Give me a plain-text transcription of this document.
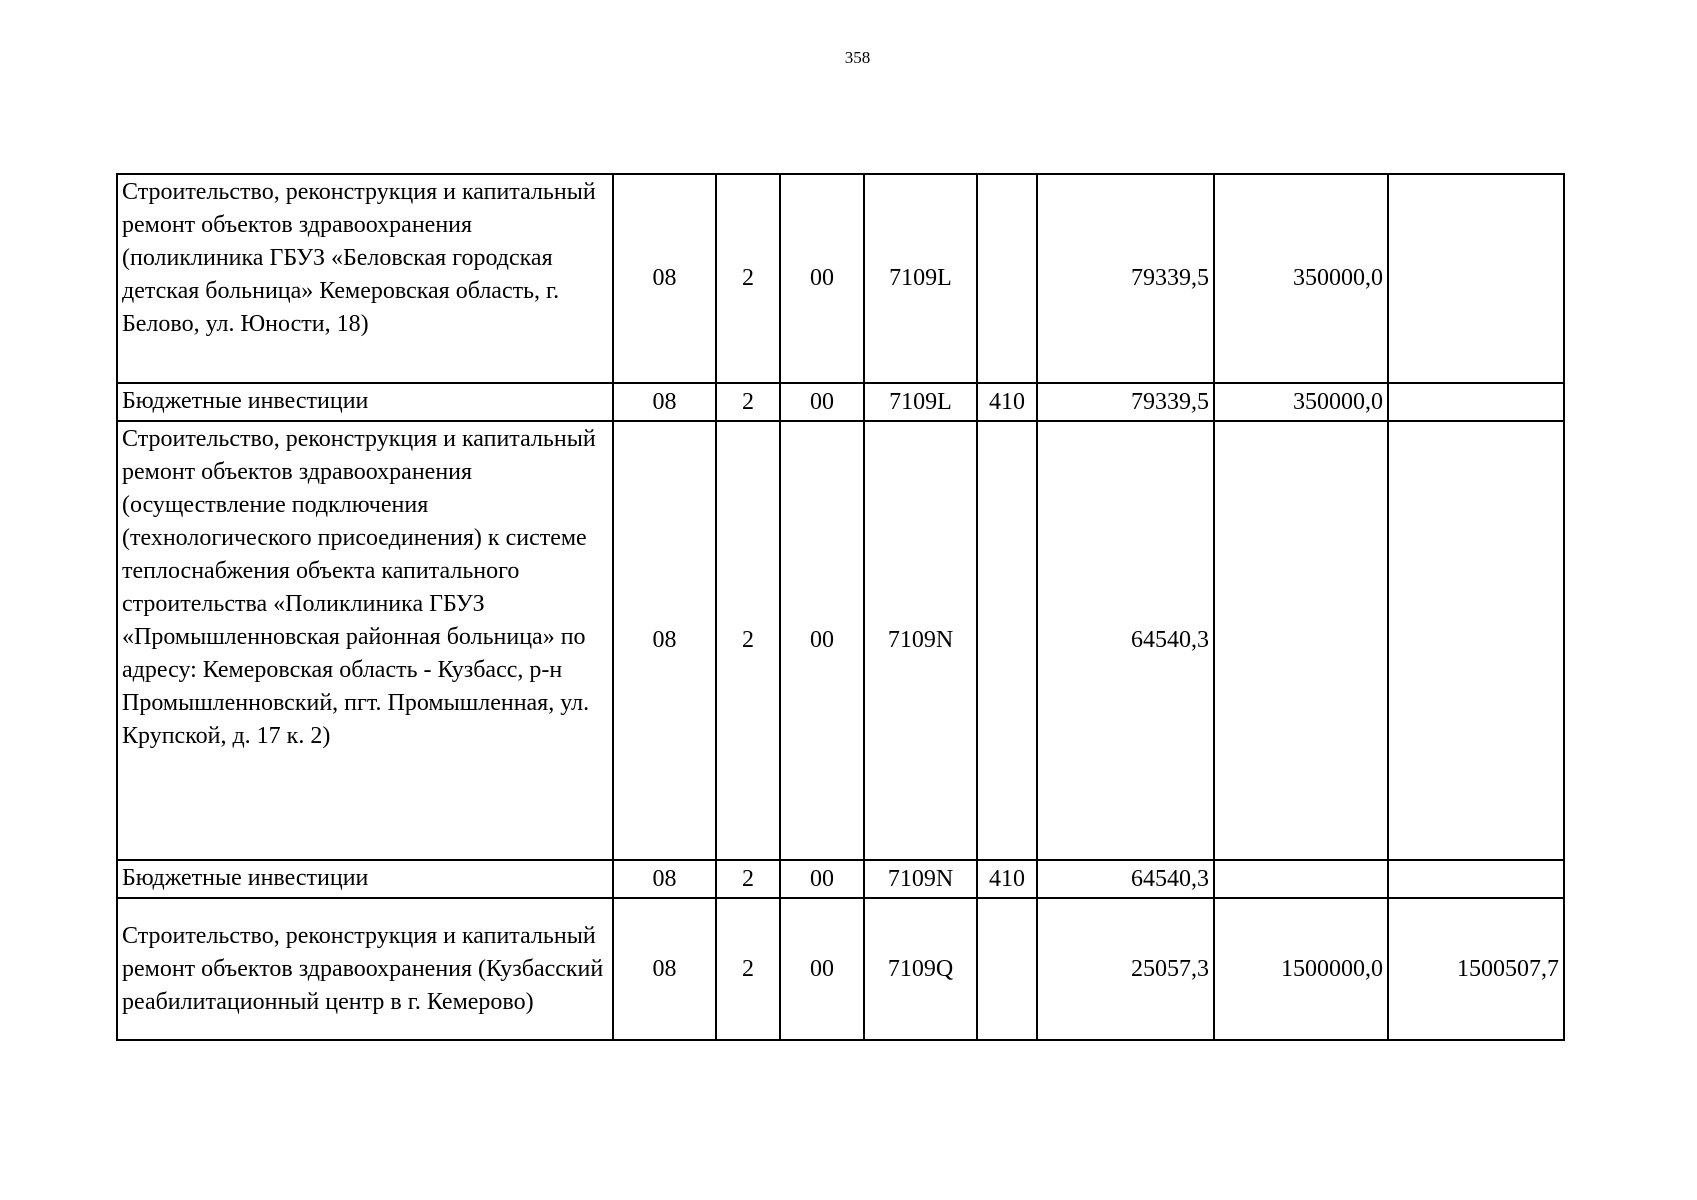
358
Строительство, реконструкция и капитальный ремонт объектов здравоохранения (поликлиника ГБУЗ «Беловская городская детская больница» Кемеровская область, г. Белово, ул. Юности, 18)	08	2	00	7109L		79339,5	350000,0	
Бюджетные инвестиции	08	2	00	7109L	410	79339,5	350000,0	
Строительство, реконструкция и капитальный ремонт объектов здравоохранения (осуществление подключения (технологического присоединения) к системе теплоснабжения объекта капитального строительства «Поликлиника ГБУЗ «Промышленновская районная больница» по адресу: Кемеровская область - Кузбасс, р-н Промышленновский, пгт. Промышленная, ул. Крупской, д. 17 к. 2)	08	2	00	7109N		64540,3		
Бюджетные инвестиции	08	2	00	7109N	410	64540,3		
Строительство, реконструкция и капитальный ремонт объектов здравоохранения (Кузбасский реабилитационный центр в г. Кемерово)	08	2	00	7109Q		25057,3	1500000,0	1500507,7
